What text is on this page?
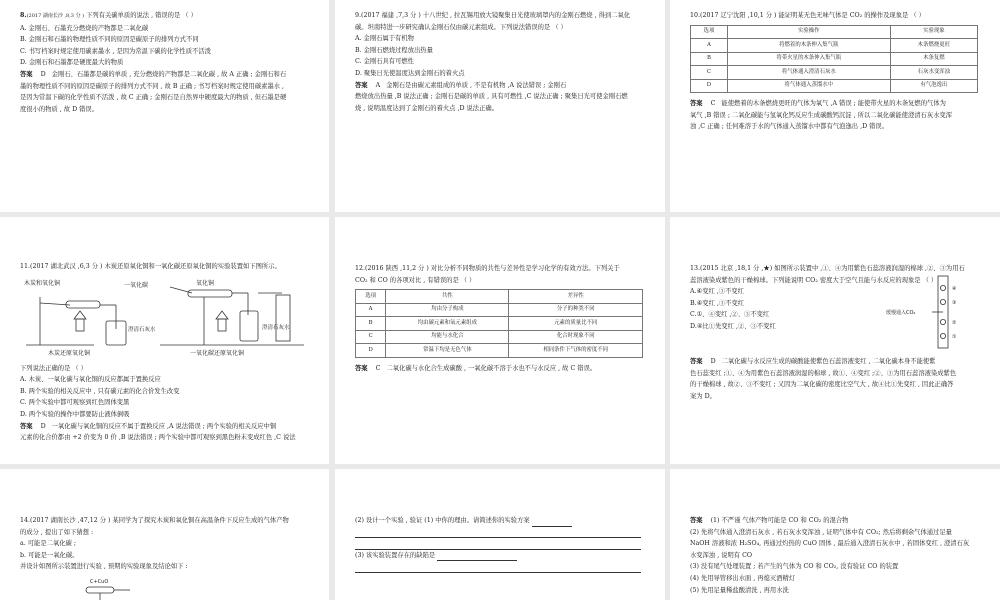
8.(2017 湖南长沙 ,8,3 分 ) 下列有关碳单质的说法 , 错误的是 （ ）

A. 金刚石、石墨充分燃烧的产物都是二氧化碳

B. 金刚石和石墨的物理性质不同的原因是碳原子的排列方式不同

C. 书写档案时规定使用碳素墨水 , 是因为常温下碳的化学性质不活泼

D. 金刚石和石墨都是硬度最大的物质

答案 D 金刚石、石墨都是碳的单质 , 充分燃烧的产物都是二氧化碳 , 故 A 正确 ; 金刚石和石

墨的物理性质不同的原因是碳原子的排列方式不同 , 故 B 正确 ; 书写档案时规定使用碳素墨水 ,

是因为常温下碳的化学性质不活泼 , 故 C 正确 ; 金刚石是自然界中硬度最大的物质 , 但石墨是硬

度很小的物质 , 故 D 错误。

9.(2017 福建 ,7,3 分 ) 十八世纪 , 拉瓦锡用放大镜聚集日光使玻璃罩内的金刚石燃烧 , 得到二氧化

碳。坦南特进一步研究确认金刚石仅由碳元素组成。下列说法错误的是 （ ）

A. 金刚石属于有机物

B. 金刚石燃烧过程放出热量

C. 金刚石具有可燃性

D. 聚集日光使温度达到金刚石的着火点

答案 A 金刚石是由碳元素组成的单质 , 不是有机物 ,A 说法错误 ; 金刚石

燃烧放出热量 ,B 说法正确 ; 金刚石是碳的单质 , 具有可燃性 ,C 说法正确 ; 聚集日光可使金刚石燃

烧 , 说明温度达到了金刚石的着火点 ,D 说法正确。

10.(2017 辽宁沈阳 ,10,1 分 ) 能证明某无色无味气体是 CO₂ 的操作及现象是 （ ）

选项	实验操作	实验现象
A	将燃着的木条伸入集气瓶	木条燃烧更旺
B	将带火星的木条伸入集气瓶	木条复燃
C	将气体通入澄清石灰水	石灰水变浑浊
D	将气体通入蒸馏水中	有气泡逸出

答案 C 能使燃着的木条燃烧更旺的气体为氧气 ,A 错误 ; 能使带火星的木条复燃的气体为

氧气 ,B 错误 ; 二氧化碳能与氢氧化钙反应生成碳酸钙沉淀 , 所以二氧化碳能使澄清石灰水变浑

浊 ,C 正确 ; 任何难溶于水的气体通入蒸馏水中都有气泡逸出 ,D 错误。

11.(2017 湖北武汉 ,6,3 分 ) 木炭还原氧化铜和一氧化碳还原氧化铜的实验装置如下图所示。

木炭和氧化铜	一氧化碳	氧化铜
澄清石灰水	澄清石灰水
木炭还原氧化铜	一氧化碳还原氧化铜

下列说法正确的是 （ ）

A. 木炭、一氧化碳与氧化铜的反应都属于置换反应

B. 两个实验的相关反应中 , 只有碳元素的化合价发生改变

C. 两个实验中都可观察到红色固体变黑

D. 两个实验的操作中都要防止液体倒吸

答案 D 一氧化碳与氧化铜的反应不属于置换反应 ,A 说法错误 ; 两个实验的相关反应中铜

元素的化合价都由 +2 价变为 0 价 ,B 说法错误 ; 两个实验中都可观察到黑色粉末变成红色 ,C 说法

12.(2016 陕西 ,11,2 分 ) 对比分析不同物质的共性与差异性是学习化学的有效方法。下列关于

CO₂ 和 CO 的各项对比 , 有错误的是 （ ）

选项	共性	差异性
A	均由分子构成	分子的种类不同
B	均由碳元素和氧元素组成	元素的质量比不同
C	均能与水化合	化合时现象不同
D	常温下均是无色气体	相同条件下气体的密度不同

答案 C 二氧化碳与水化合生成碳酸 , 一氧化碳不溶于水也不与水反应 , 故 C 错误。

13.(2015 北京 ,18,1 分 ,★) 如图所示装置中 ,①、④为用紫色石蕊溶液润湿的棉球 ,②、③为用石

蕊溶液染成紫色的干燥棉球。下列能说明 CO₂ 密度大于空气且能与水反应的现象是 （ ）

A.④变红 ,③不变红

B.④变红 ,③不变红

C.①、④变红 ,②、③不变红

D.④比①先变红 ,②、③不变红

缓慢通入CO₂
④
③
②
①

答案 D 二氧化碳与水反应生成的碳酸能使紫色石蕊溶液变红 , 二氧化碳本身不能使紫

色石蕊变红 ;①、④为用紫色石蕊溶液润湿的棉球 , 故①、④变红 ;②、③为用石蕊溶液染成紫色

的干燥棉球 , 故②、③不变红 ; 又因为二氧化碳的密度比空气大 , 故④比①先变红 , 因此正确答

案为 D。

14.(2017 湖南长沙 ,47,12 分 ) 某同学为了探究木炭和氧化铜在高温条件下反应生成的气体产物

的成分 , 提出了如下猜想 :

a. 可能是二氧化碳 ;

b. 可能是一氧化碳。

并设计如图所示装置进行实验 , 预期的实验现象及结论如下 :

C+CuO

(2) 设计一个实验 , 验证 (1) 中你的理由。请简述你的实验方案

(3) 该实验装置存在的缺陷是

答案 (1) 不严谨 气体产物可能是 CO 和 CO₂ 的混合物

(2) 先将气体通入澄清石灰水 , 若石灰水变浑浊 , 证明气体中有 CO₂; 然后将剩余气体通过足量

NaOH 溶液和浓 H₂SO₄, 再通过灼热的 CuO 固体 , 最后通入澄清石灰水中 , 若固体变红 , 澄清石灰

水变浑浊 , 说明有 CO

(3) 没有尾气处理装置 ; 若产生的气体为 CO 和 CO₂, 没有验证 CO 的装置

(4) 先用导管移出水面 , 再熄灭酒精灯

(5) 先用足量稀盐酸清洗 , 再用水洗
